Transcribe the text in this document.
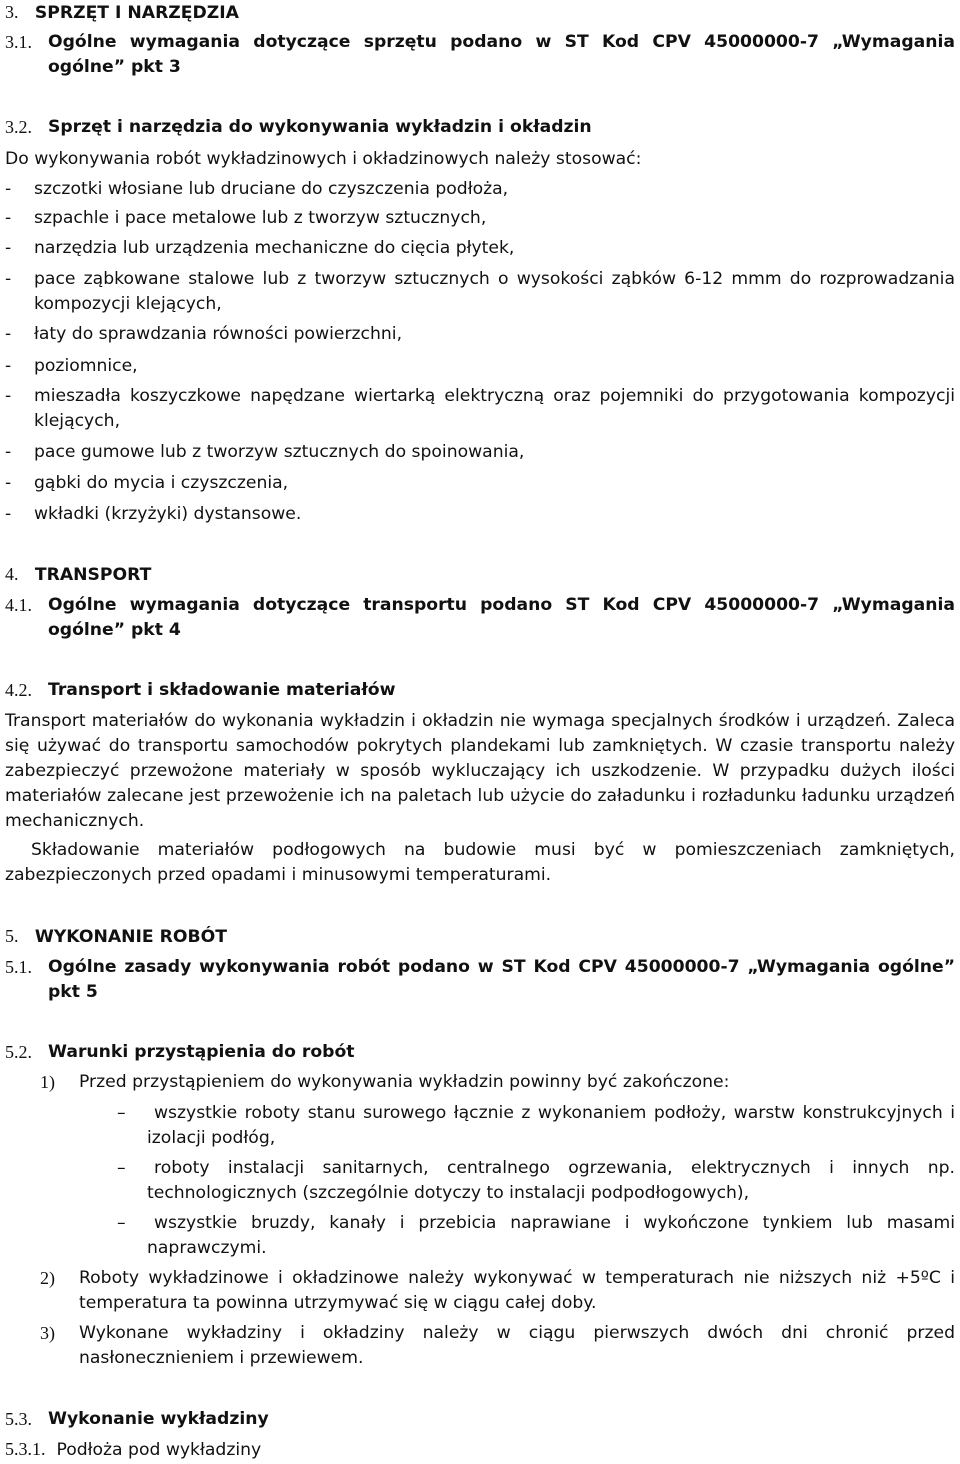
3. SPRZĘT I NARZĘDZIA
3.1. Ogólne wymagania dotyczące sprzętu podano w ST Kod CPV 45000000-7 „Wymagania ogólne” pkt 3
3.2. Sprzęt i narzędzia do wykonywania wykładzin i okładzin
Do wykonywania robót wykładzinowych i okładzinowych należy stosować:
- szczotki włosiane lub druciane do czyszczenia podłoża,
- szpachle i pace metalowe lub z tworzyw sztucznych,
- narzędzia lub urządzenia mechaniczne do cięcia płytek,
- pace ząbkowane stalowe lub z tworzyw sztucznych o wysokości ząbków 6-12 mmm do rozprowadzania kompozycji klejących,
- łaty do sprawdzania równości powierzchni,
- poziomnice,
- mieszadła koszyczkowe napędzane wiertarką elektryczną oraz pojemniki do przygotowania kompozycji klejących,
- pace gumowe lub z tworzyw sztucznych do spoinowania,
- gąbki do mycia i czyszczenia,
- wkładki (krzyżyki) dystansowe.
4. TRANSPORT
4.1. Ogólne wymagania dotyczące transportu podano ST Kod CPV 45000000-7 „Wymagania ogólne” pkt 4
4.2. Transport i składowanie materiałów
Transport materiałów do wykonania wykładzin i okładzin nie wymaga specjalnych środków i urządzeń. Zaleca się używać do transportu samochodów pokrytych plandekami lub zamkniętych. W czasie transportu należy zabezpieczyć przewożone materiały w sposób wykluczający ich uszkodzenie. W przypadku dużych ilości materiałów zalecane jest przewożenie ich na paletach lub użycie do załadunku i rozładunku ładunku urządzeń mechanicznych.
Składowanie materiałów podłogowych na budowie musi być w pomieszczeniach zamkniętych, zabezpieczonych przed opadami i minusowymi temperaturami.
5. WYKONANIE ROBÓT
5.1. Ogólne zasady wykonywania robót podano w ST Kod CPV 45000000-7 „Wymagania ogólne” pkt 5
5.2. Warunki przystąpienia do robót
1) Przed przystąpieniem do wykonywania wykładzin powinny być zakończone:
–	wszystkie roboty stanu surowego łącznie z wykonaniem podłoży, warstw konstrukcyjnych i izolacji podłóg,
–	roboty instalacji sanitarnych, centralnego ogrzewania, elektrycznych i innych np. technologicznych (szczególnie dotyczy to instalacji podpodłogowych),
–	wszystkie bruzdy, kanały i przebicia naprawiane i wykończone tynkiem lub masami naprawczymi.
2) Roboty wykładzinowe i okładzinowe należy wykonywać w temperaturach nie niższych niż +5ºC i temperatura ta powinna utrzymywać się w ciągu całej doby.
3) Wykonane wykładziny i okładziny należy w ciągu pierwszych dwóch dni chronić przed nasłonecznieniem i przewiewem.
5.3. Wykonanie wykładziny
5.3.1. Podłoża pod wykładziny
